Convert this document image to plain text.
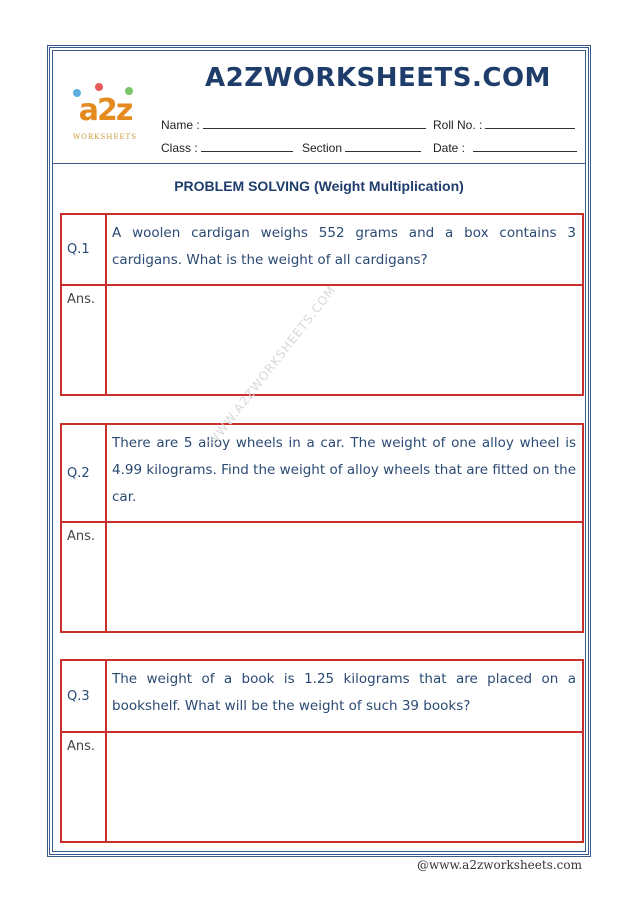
a2z
WORKSHEETS
A2ZWORKSHEETS.COM
Name :	Roll No. :
Class :	Section	Date :
PROBLEM SOLVING (Weight Multiplication)
Q.1
A woolen cardigan weighs 552 grams and a box contains 3 cardigans. What is the weight of all cardigans?
Ans.
Q.2
There are 5 alloy wheels in a car. The weight of one alloy wheel is 4.99 kilograms. Find the weight of alloy wheels that are fitted on the car.
Ans.
Q.3
The weight of a book is 1.25 kilograms that are placed on a bookshelf. What will be the weight of such 39 books?
Ans.
WWW.A2ZWORKSHEETS.COM
@www.a2zworksheets.com
